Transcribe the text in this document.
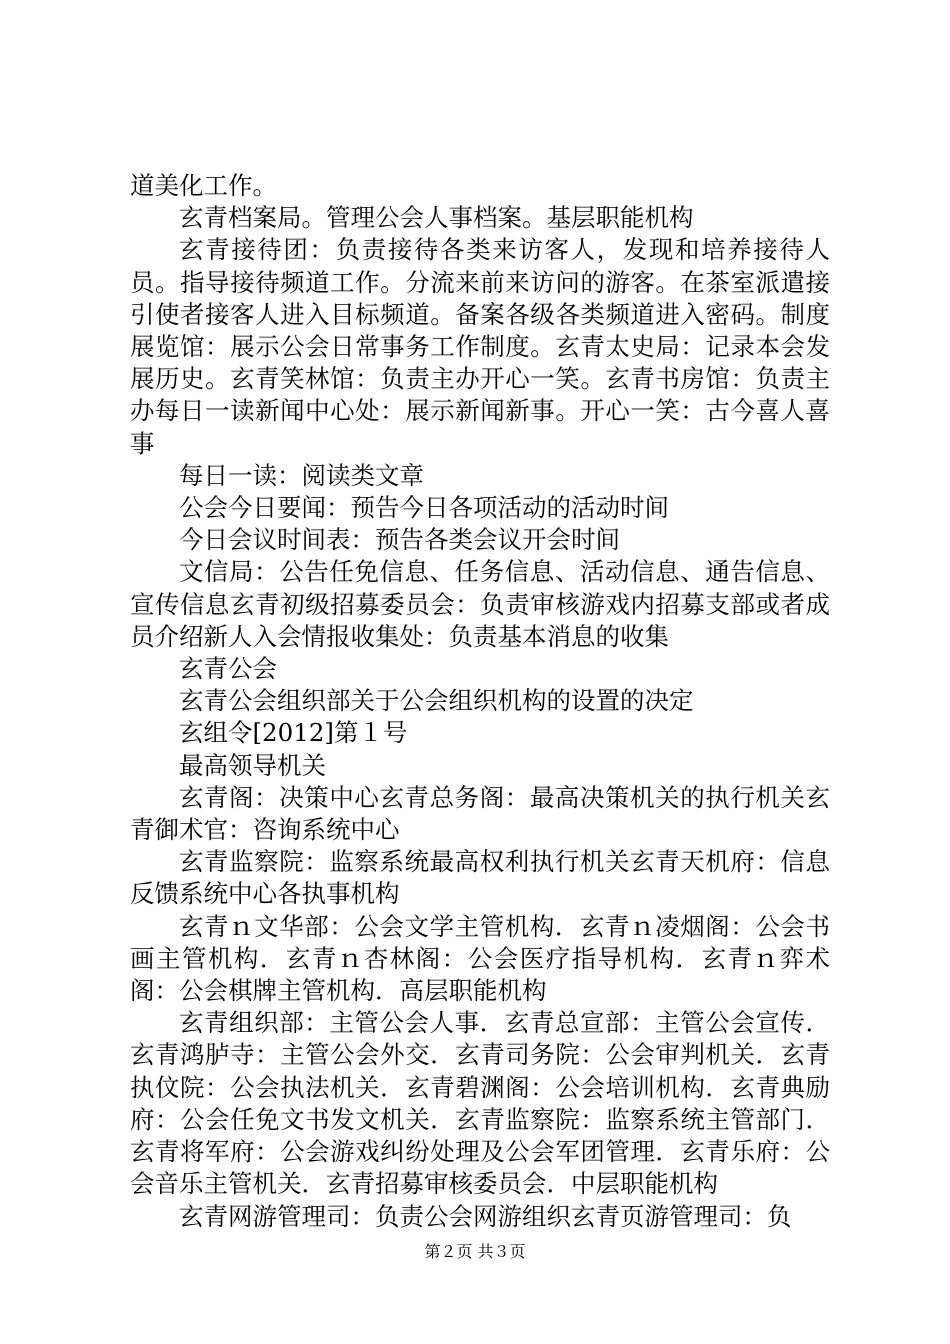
道美化工作。

玄青档案局。管理公会人事档案。基层职能机构

玄青接待团：负责接待各类来访客人，发现和培养接待人员。指导接待频道工作。分流来前来访问的游客。在茶室派遣接引使者接客人进入目标频道。备案各级各类频道进入密码。制度展览馆：展示公会日常事务工作制度。玄青太史局：记录本会发展历史。玄青笑林馆：负责主办开心一笑。玄青书房馆：负责主办每日一读新闻中心处：展示新闻新事。开心一笑：古今喜人喜事

每日一读：阅读类文章

公会今日要闻：预告今日各项活动的活动时间

今日会议时间表：预告各类会议开会时间

文信局：公告任免信息、任务信息、活动信息、通告信息、宣传信息玄青初级招募委员会：负责审核游戏内招募支部或者成员介绍新人入会情报收集处：负责基本消息的收集

玄青公会

玄青公会组织部关于公会组织机构的设置的决定

玄组令[2012]第１号

最高领导机关

玄青阁：决策中心玄青总务阁：最高决策机关的执行机关玄青御术官：咨询系统中心

玄青监察院：监察系统最高权利执行机关玄青天机府：信息反馈系统中心各执事机构

玄青ｎ文华部：公会文学主管机构．玄青ｎ凌烟阁：公会书画主管机构．玄青ｎ杏林阁：公会医疗指导机构．玄青ｎ弈术阁：公会棋牌主管机构．高层职能机构

玄青组织部：主管公会人事．玄青总宣部：主管公会宣传．玄青鸿胪寺：主管公会外交．玄青司务院：公会审判机关．玄青执伩院：公会执法机关．玄青碧渊阁：公会培训机构．玄青典励府：公会任免文书发文机关．玄青监察院：监察系统主管部门．玄青将军府：公会游戏纠纷处理及公会军团管理．玄青乐府：公会音乐主管机关．玄青招募审核委员会．中层职能机构

玄青网游管理司：负责公会网游组织玄青页游管理司：负

第２页 共３页
